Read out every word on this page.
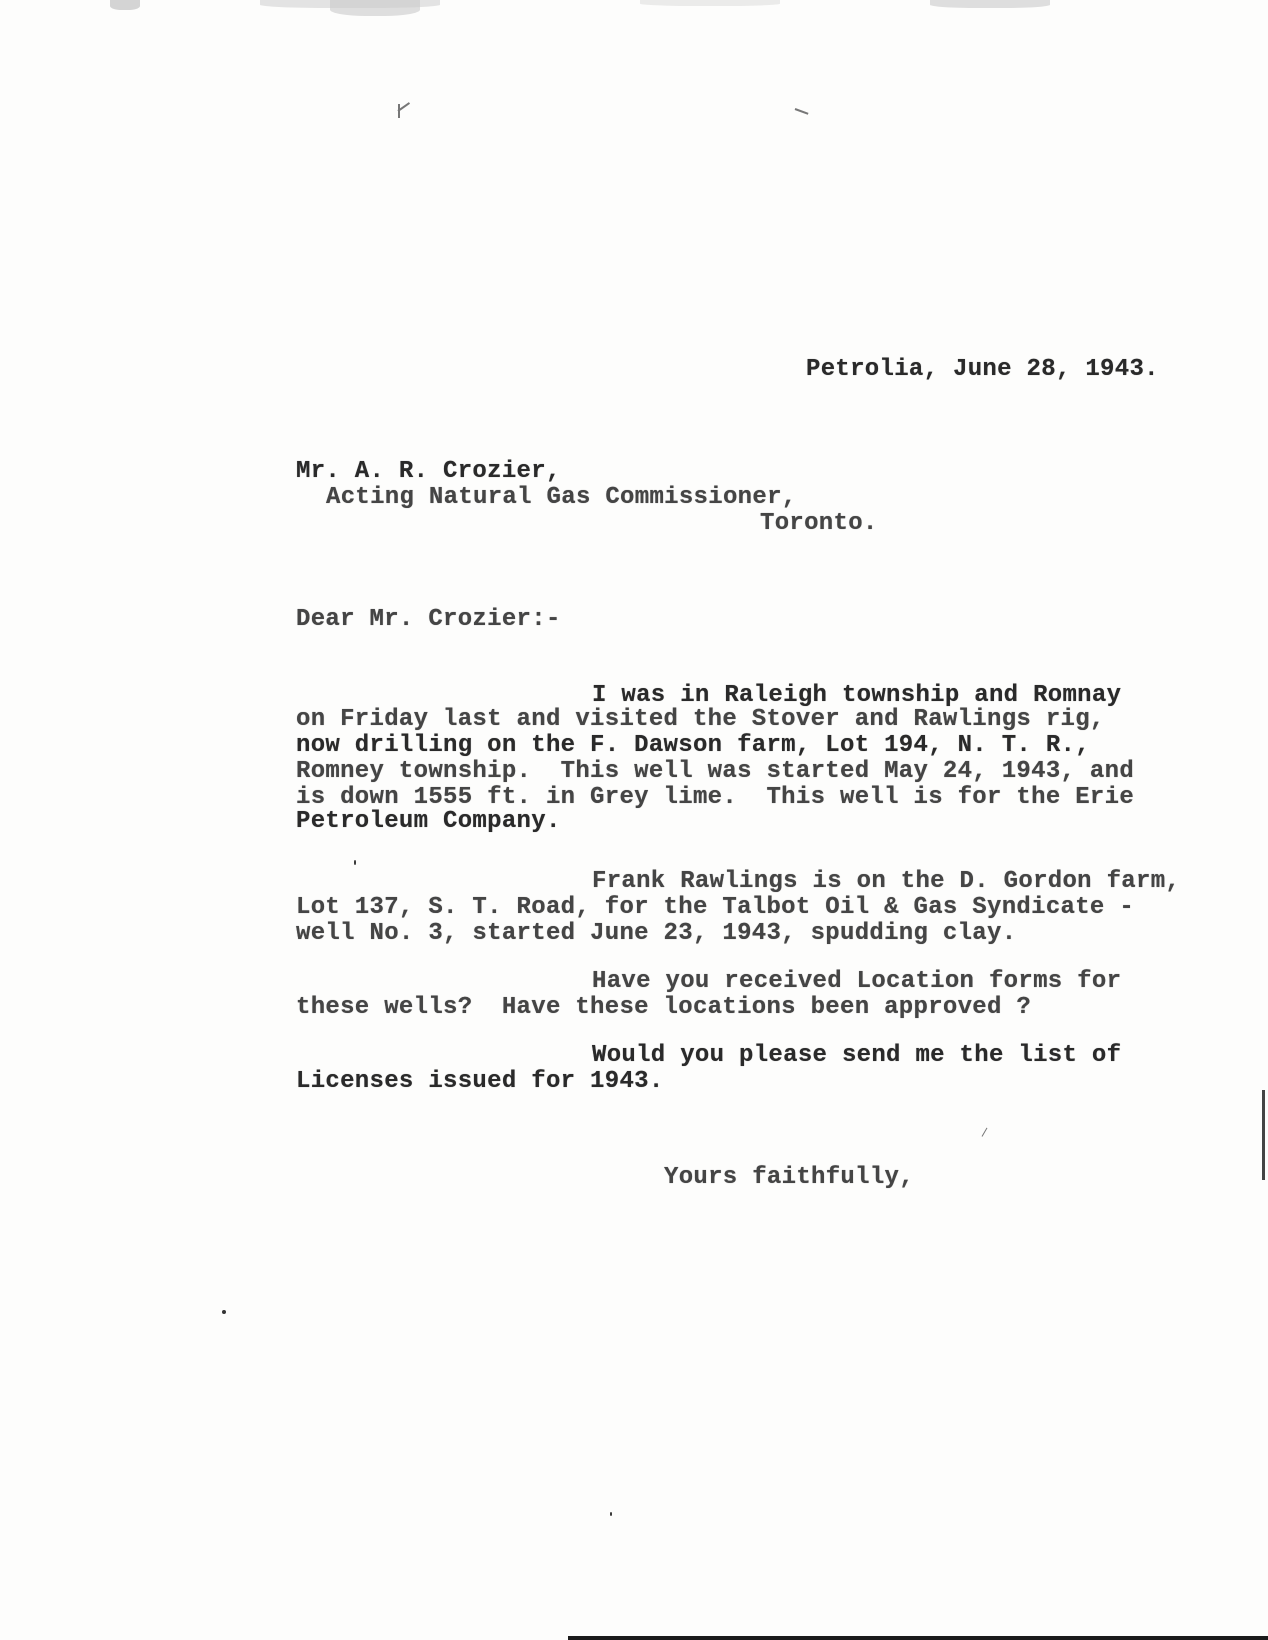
Petrolia, June 28, 1943.
Mr. A. R. Crozier,
Acting Natural Gas Commissioner,
Toronto.
Dear Mr. Crozier:-
I was in Raleigh township and Romnay
on Friday last and visited the Stover and Rawlings rig,
now drilling on the F. Dawson farm, Lot 194, N. T. R.,
Romney township.  This well was started May 24, 1943, and
is down 1555 ft. in Grey lime.  This well is for the Erie
Petroleum Company.
Frank Rawlings is on the D. Gordon farm,
Lot 137, S. T. Road, for the Talbot Oil & Gas Syndicate -
well No. 3, started June 23, 1943, spudding clay.
Have you received Location forms for
these wells?  Have these locations been approved ?
Would you please send me the list of
Licenses issued for 1943.
Yours faithfully,
